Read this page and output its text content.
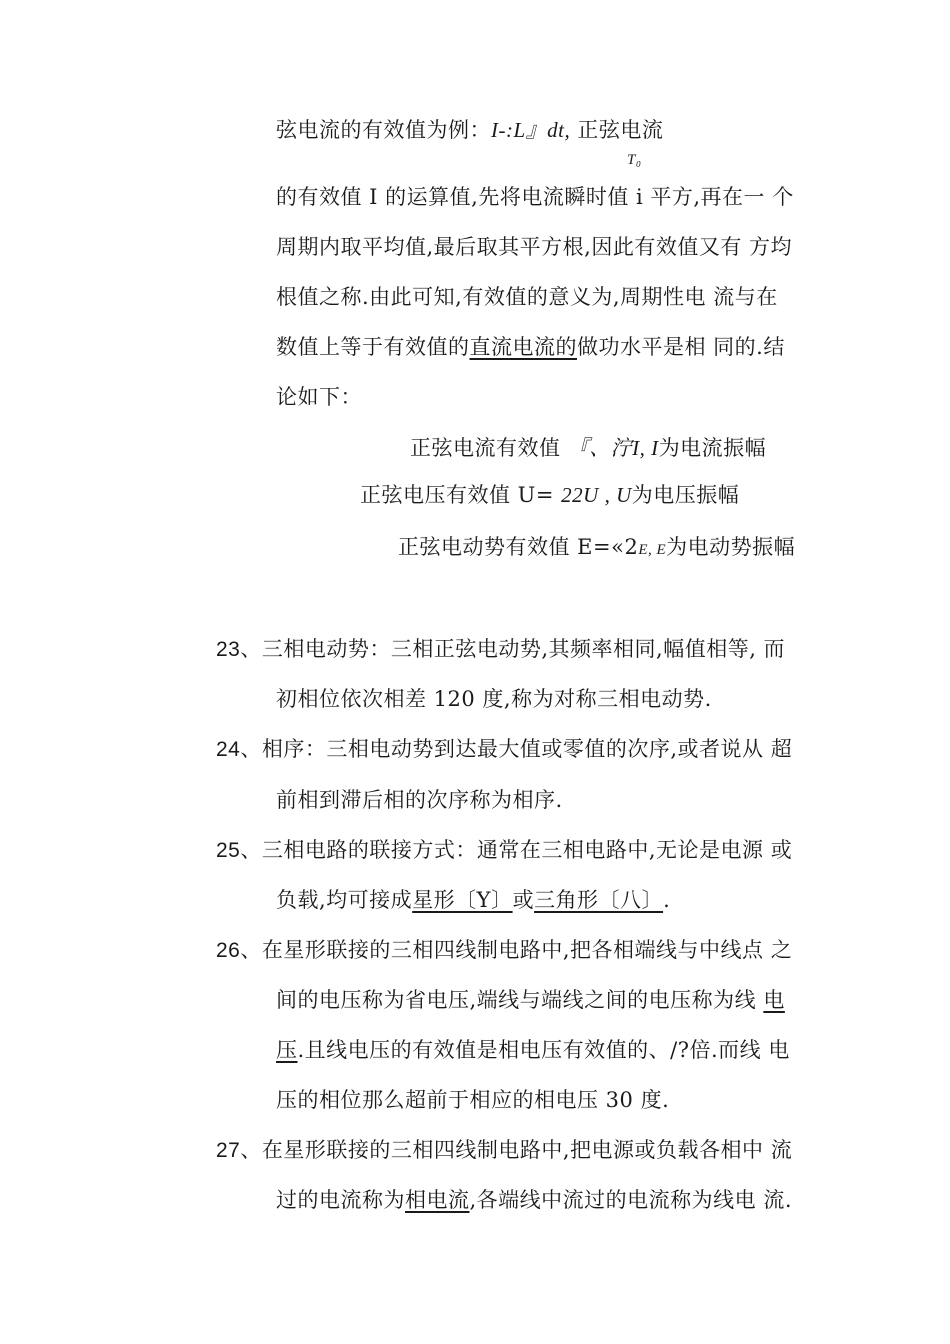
弦电流的有效值为例：I-:L』dt, 正弦电流
T₀
的有效值 I 的运算值,先将电流瞬时值 i 平方,再在一 个
周期内取平均值,最后取其平方根,因此有效值又有 方均
根值之称.由此可知,有效值的意义为,周期性电 流与在
数值上等于有效值的直流电流的做功水平是相 同的.结
论如下：
正弦电流有效值 『、泞I, I为电流振幅
正弦电压有效值 U= 22U , U为电压振幅
正弦电动势有效值 E=«2E, E为电动势振幅
23、三相电动势：三相正弦电动势,其频率相同,幅值相等, 而
初相位依次相差 120 度,称为对称三相电动势.
24、相序：三相电动势到达最大值或零值的次序,或者说从 超
前相到滞后相的次序称为相序.
25、三相电路的联接方式：通常在三相电路中,无论是电源 或
负载,均可接成星形〔Y〕或三角形〔八〕.
26、在星形联接的三相四线制电路中,把各相端线与中线点 之
间的电压称为省电压,端线与端线之间的电压称为线 电
压.且线电压的有效值是相电压有效值的、/?倍.而线 电
压的相位那么超前于相应的相电压 30 度.
27、在星形联接的三相四线制电路中,把电源或负载各相中 流
过的电流称为相电流,各端线中流过的电流称为线电 流.
